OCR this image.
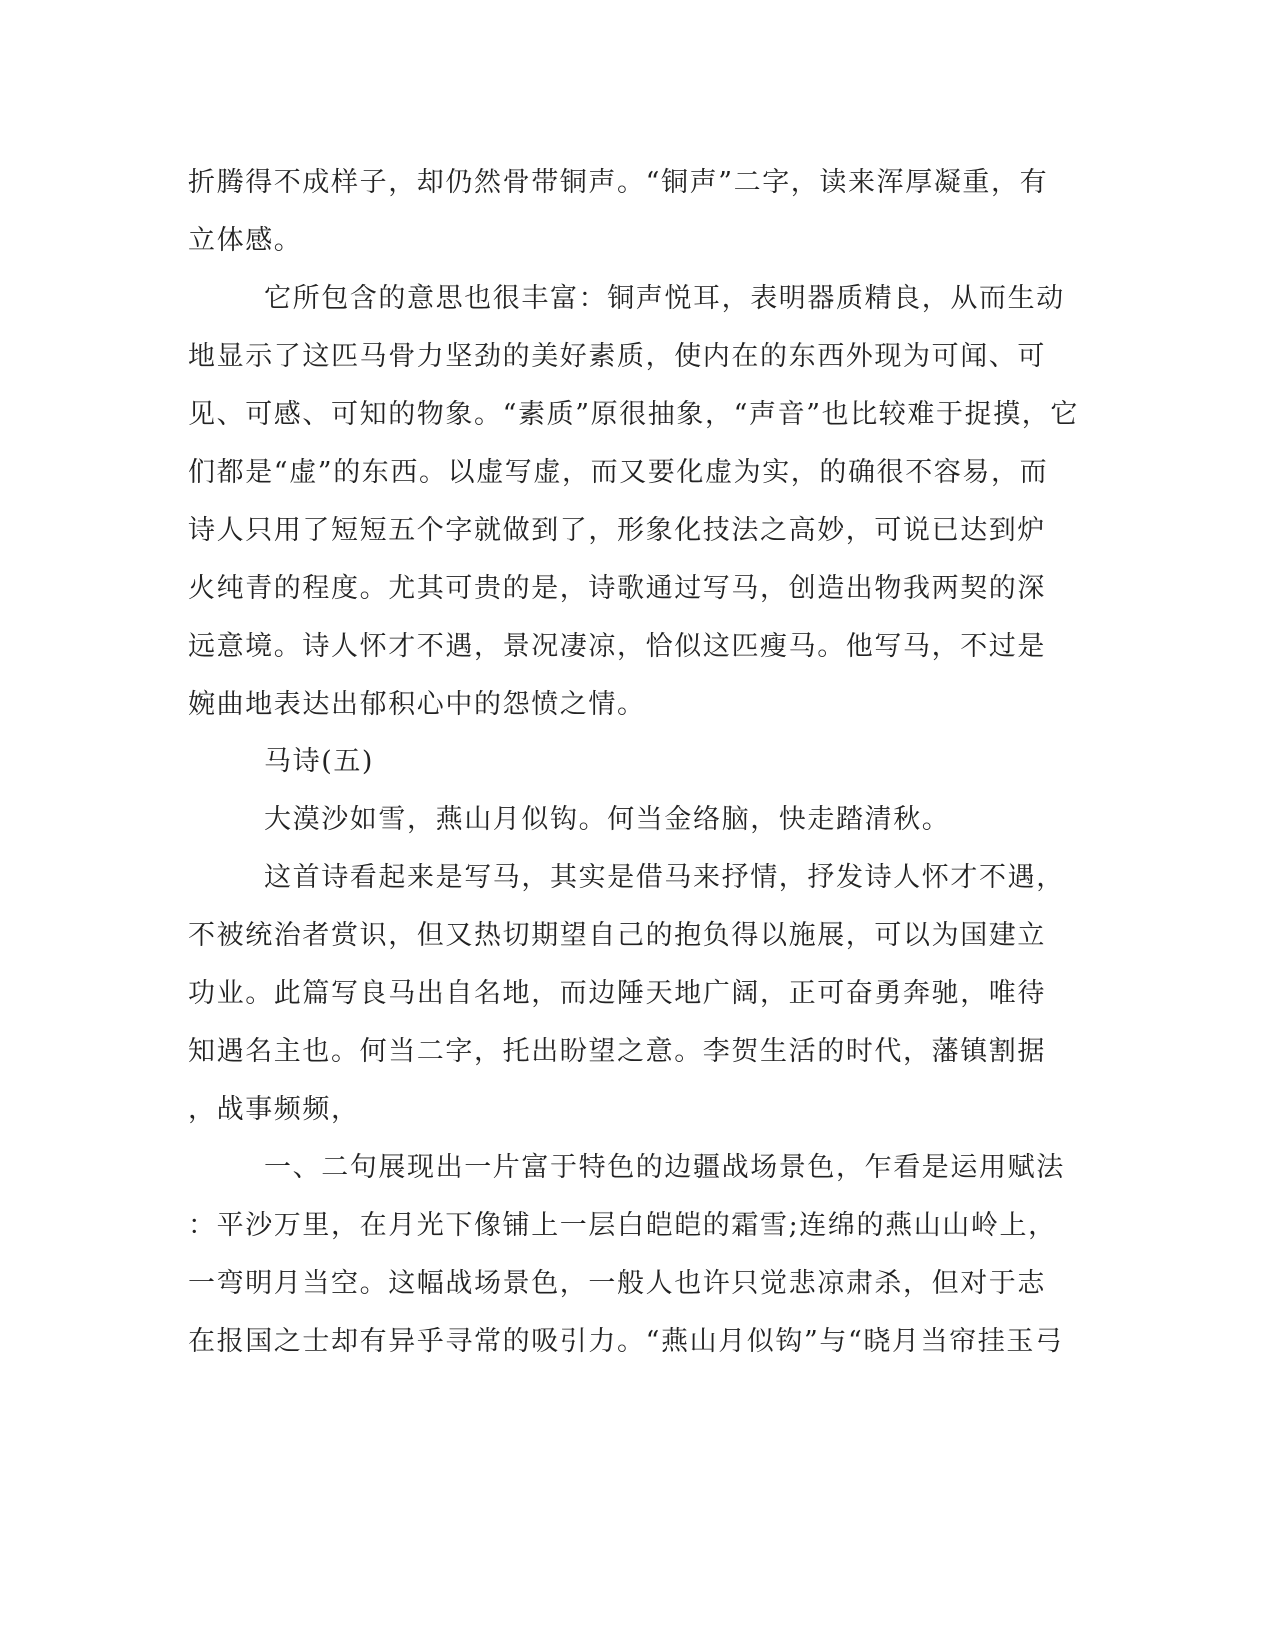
折腾得不成样子，却仍然骨带铜声。“铜声”二字，读来浑厚凝重，有
立体感。
它所包含的意思也很丰富：铜声悦耳，表明器质精良，从而生动
地显示了这匹马骨力坚劲的美好素质，使内在的东西外现为可闻、可
见、可感、可知的物象。“素质”原很抽象，“声音”也比较难于捉摸，它
们都是“虚”的东西。以虚写虚，而又要化虚为实，的确很不容易，而
诗人只用了短短五个字就做到了，形象化技法之高妙，可说已达到炉
火纯青的程度。尤其可贵的是，诗歌通过写马，创造出物我两契的深
远意境。诗人怀才不遇，景况凄凉，恰似这匹瘦马。他写马，不过是
婉曲地表达出郁积心中的怨愤之情。
马诗(五)
大漠沙如雪，燕山月似钩。何当金络脑，快走踏清秋。
这首诗看起来是写马，其实是借马来抒情，抒发诗人怀才不遇，
不被统治者赏识，但又热切期望自己的抱负得以施展，可以为国建立
功业。此篇写良马出自名地，而边陲天地广阔，正可奋勇奔驰，唯待
知遇名主也。何当二字，托出盼望之意。李贺生活的时代，藩镇割据
，战事频频，
一、二句展现出一片富于特色的边疆战场景色，乍看是运用赋法
：平沙万里，在月光下像铺上一层白皑皑的霜雪;连绵的燕山山岭上，
一弯明月当空。这幅战场景色，一般人也许只觉悲凉肃杀，但对于志
在报国之士却有异乎寻常的吸引力。“燕山月似钩”与“晓月当帘挂玉弓
